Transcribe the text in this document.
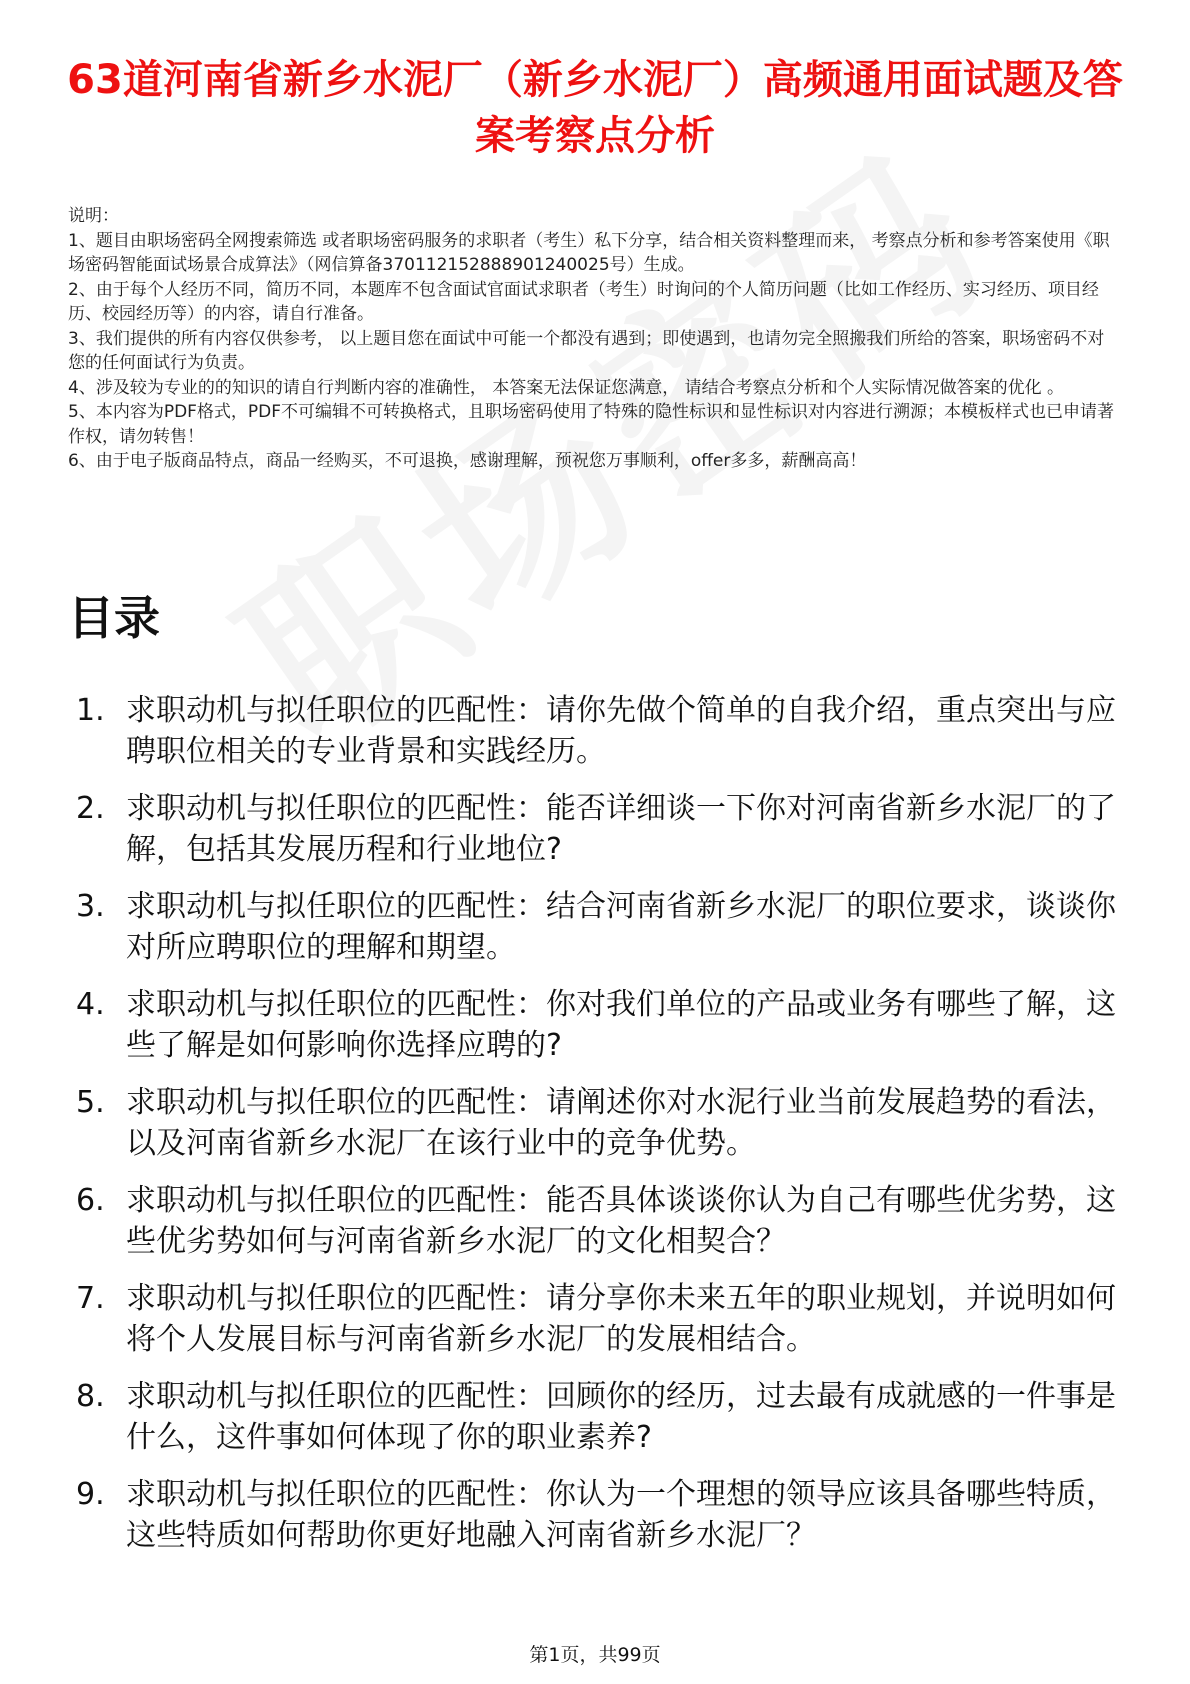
63道河南省新乡水泥厂（新乡水泥厂）高频通用面试题及答案考察点分析

说明：

1、题目由职场密码全网搜索筛选 或者职场密码服务的求职者（考生）私下分享，结合相关资料整理而来， 考察点分析和参考答案使用《职场密码智能面试场景合成算法》（网信算备370112152888901240025号）生成。

2、由于每个人经历不同，简历不同，本题库不包含面试官面试求职者（考生）时询问的个人简历问题（比如工作经历、实习经历、项目经历、校园经历等）的内容，请自行准备。

3、我们提供的所有内容仅供参考， 以上题目您在面试中可能一个都没有遇到；即使遇到，也请勿完全照搬我们所给的答案，职场密码不对您的任何面试行为负责。

4、涉及较为专业的的知识的请自行判断内容的准确性， 本答案无法保证您满意， 请结合考察点分析和个人实际情况做答案的优化 。

5、本内容为PDF格式，PDF不可编辑不可转换格式，且职场密码使用了特殊的隐性标识和显性标识对内容进行溯源；本模板样式也已申请著作权，请勿转售！

6、由于电子版商品特点，商品一经购买，不可退换，感谢理解，预祝您万事顺利，offer多多，薪酬高高！

目录
1. 求职动机与拟任职位的匹配性：请你先做个简单的自我介绍，重点突出与应聘职位相关的专业背景和实践经历。
2. 求职动机与拟任职位的匹配性：能否详细谈一下你对河南省新乡水泥厂的了解，包括其发展历程和行业地位?
3. 求职动机与拟任职位的匹配性：结合河南省新乡水泥厂的职位要求，谈谈你对所应聘职位的理解和期望。
4. 求职动机与拟任职位的匹配性：你对我们单位的产品或业务有哪些了解，这些了解是如何影响你选择应聘的?
5. 求职动机与拟任职位的匹配性：请阐述你对水泥行业当前发展趋势的看法，以及河南省新乡水泥厂在该行业中的竞争优势。
6. 求职动机与拟任职位的匹配性：能否具体谈谈你认为自己有哪些优劣势，这些优劣势如何与河南省新乡水泥厂的文化相契合？
7. 求职动机与拟任职位的匹配性：请分享你未来五年的职业规划，并说明如何将个人发展目标与河南省新乡水泥厂的发展相结合。
8. 求职动机与拟任职位的匹配性：回顾你的经历，过去最有成就感的一件事是什么，这件事如何体现了你的职业素养?
9. 求职动机与拟任职位的匹配性：你认为一个理想的领导应该具备哪些特质，这些特质如何帮助你更好地融入河南省新乡水泥厂？
第1页，共99页
